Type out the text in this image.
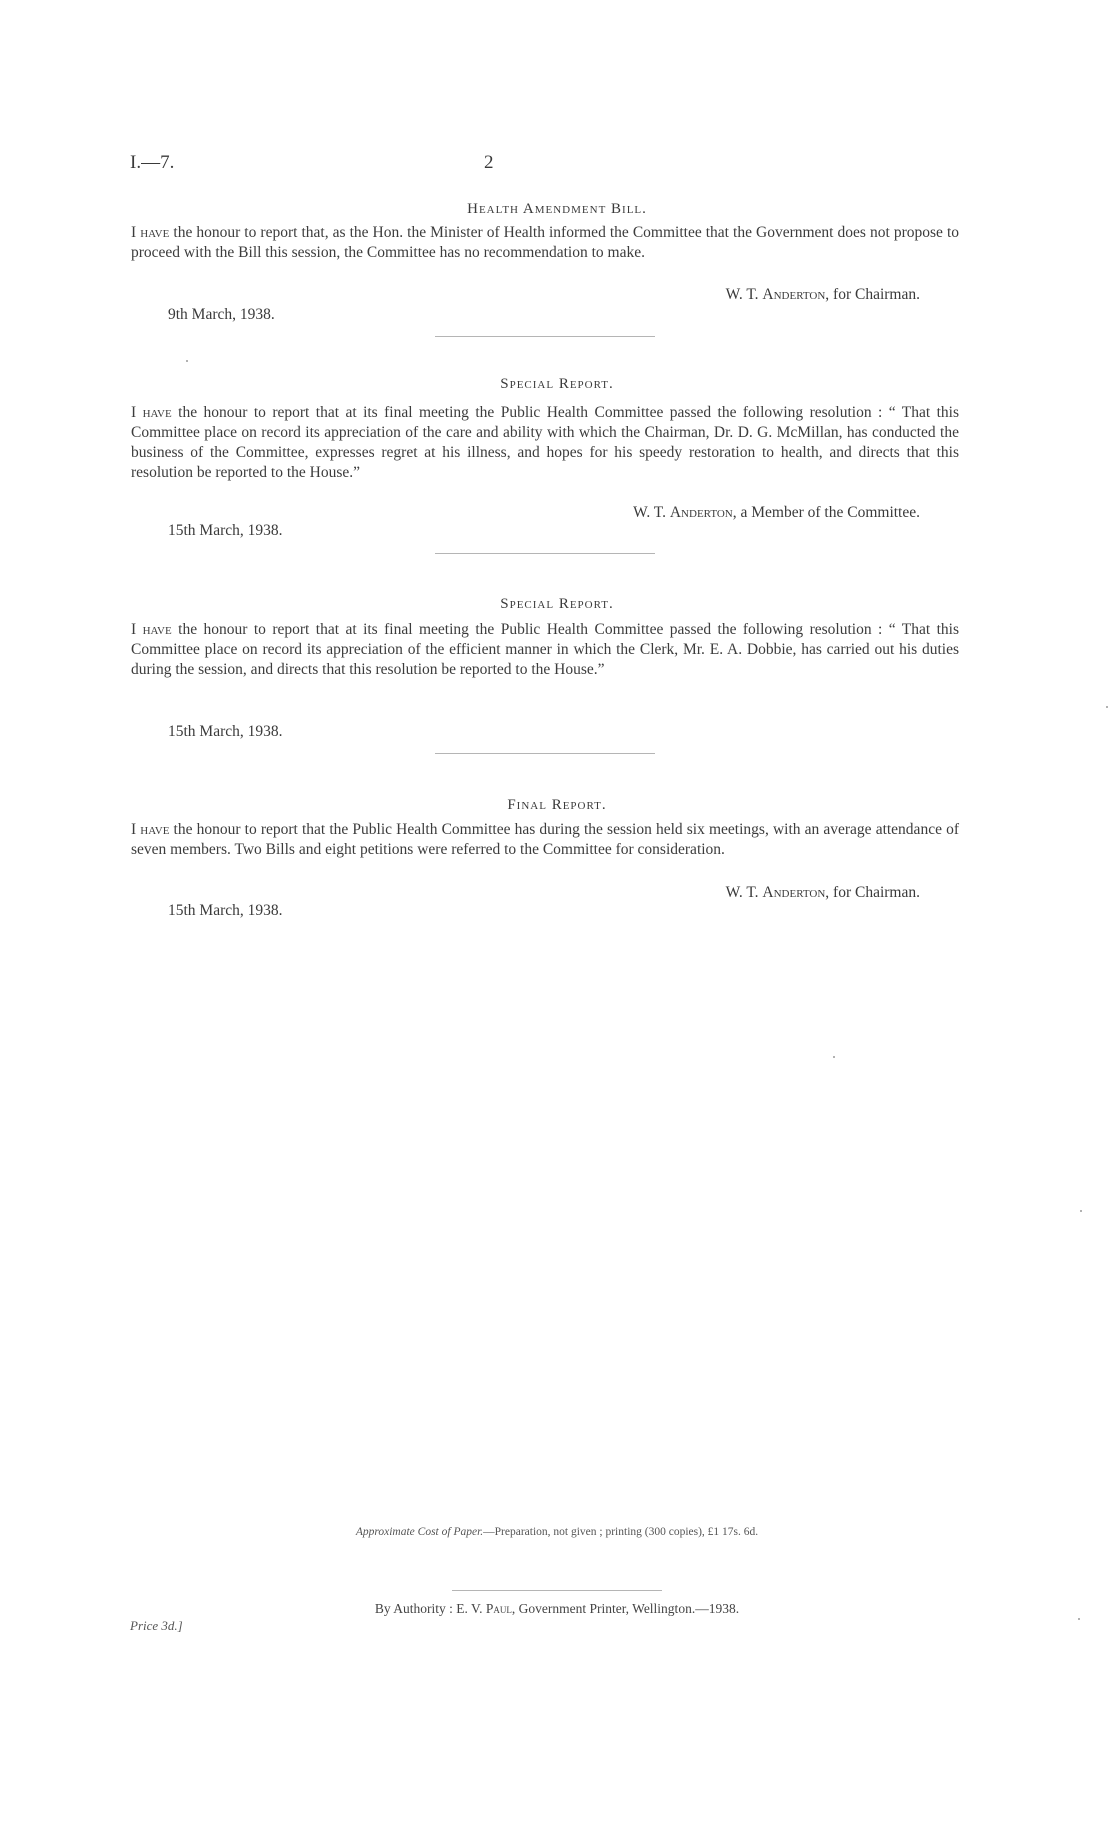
I.—7.	2
Health Amendment Bill.
I have the honour to report that, as the Hon. the Minister of Health informed the Committee that the Government does not propose to proceed with the Bill this session, the Committee has no recommendation to make.
W. T. Anderton, for Chairman.
9th March, 1938.
Special Report.
I have the honour to report that at its final meeting the Public Health Committee passed the following resolution : “ That this Committee place on record its appreciation of the care and ability with which the Chairman, Dr. D. G. McMillan, has conducted the business of the Committee, expresses regret at his illness, and hopes for his speedy restoration to health, and directs that this resolution be reported to the House.”
W. T. Anderton, a Member of the Committee.
15th March, 1938.
Special Report.
I have the honour to report that at its final meeting the Public Health Committee passed the following resolution : “ That this Committee place on record its appreciation of the efficient manner in which the Clerk, Mr. E. A. Dobbie, has carried out his duties during the session, and directs that this resolution be reported to the House.”
15th March, 1938.
Final Report.
I have the honour to report that the Public Health Committee has during the session held six meetings, with an average attendance of seven members. Two Bills and eight petitions were referred to the Committee for consideration.
W. T. Anderton, for Chairman.
15th March, 1938.
Approximate Cost of Paper.—Preparation, not given ; printing (300 copies), £1 17s. 6d.
By Authority : E. V. Paul, Government Printer, Wellington.—1938.
Price 3d.]
